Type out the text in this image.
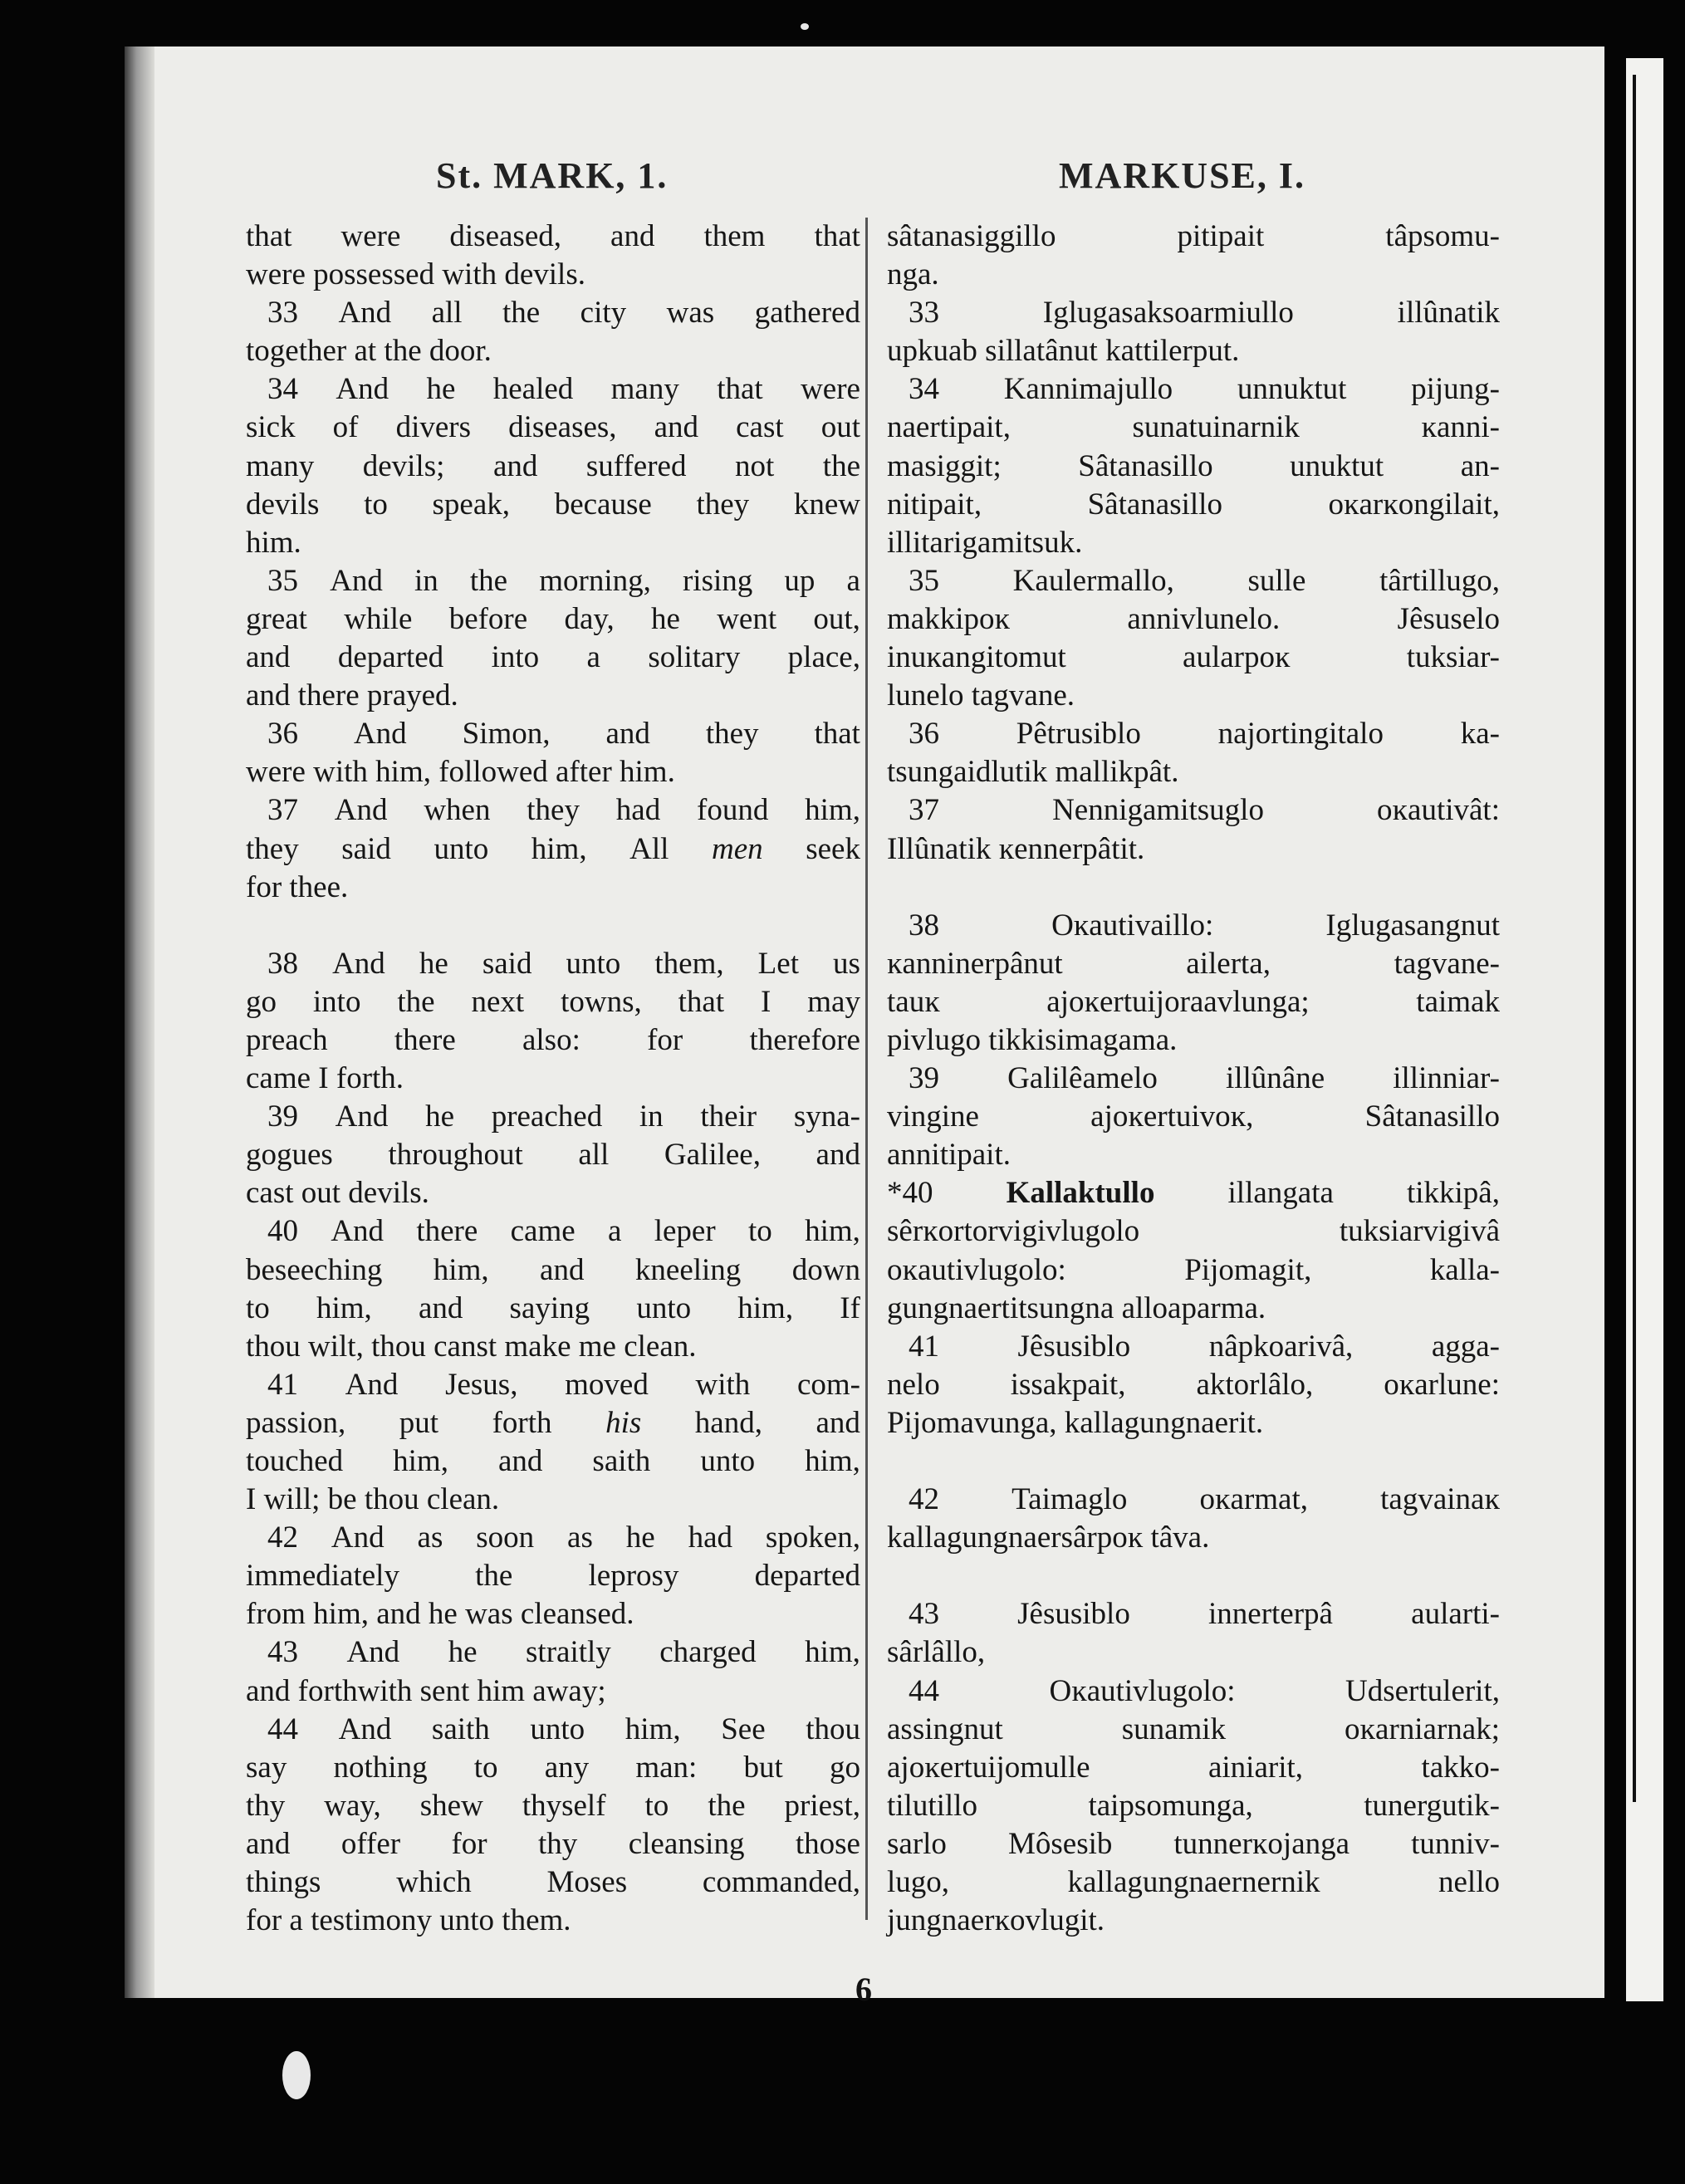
St. MARK, 1.	MARKUSE, I.
that were diseased, and them that
were possessed with devils.
33 And all the city was gathered
together at the door.
34 And he healed many that were
sick of divers diseases, and cast out
many devils; and suffered not the
devils to speak, because they knew
him.
35 And in the morning, rising up a
great while before day, he went out,
and departed into a solitary place,
and there prayed.
36 And Simon, and they that
were with him, followed after him.
37 And when they had found him,
they said unto him, All men seek
for thee.
38 And he said unto them, Let us
go into the next towns, that I may
preach there also: for therefore
came I forth.
39 And he preached in their syna-
gogues throughout all Galilee, and
cast out devils.
40 And there came a leper to him,
beseeching him, and kneeling down
to him, and saying unto him, If
thou wilt, thou canst make me clean.
41 And Jesus, moved with com-
passion, put forth his hand, and
touched him, and saith unto him,
I will; be thou clean.
42 And as soon as he had spoken,
immediately the leprosy departed
from him, and he was cleansed.
43 And he straitly charged him,
and forthwith sent him away;
44 And saith unto him, See thou
say nothing to any man: but go
thy way, shew thyself to the priest,
and offer for thy cleansing those
things which Moses commanded,
for a testimony unto them.
sâtanasiggillo	pitipait	tâpsomu-
nga.
33	Iglugasaksoarmiullo	illûnatik
upkuab sillatânut kattilerput.
34 Kannimajullo unnuktut pijung-
naertipait,	sunatuinarnik	ĸanni-
masiggit;	Sâtanasillo	unuktut	an-
nitipait,	Sâtanasillo	oĸarĸongilait,
illitarigamitsuk.
35 Kaulermallo, sulle târtillugo,
makkipoĸ	annivlunelo.	Jêsuselo
inuĸangitomut	aularpoĸ	tuksiar-
lunelo tagvane.
36	Pêtrusiblo	najortingitalo	ka-
tsungaidlutik mallikpât.
37	Nennigamitsuglo	oĸautivât:
Illûnatik ĸennerpâtit.
38	Oĸautivaillo:	Iglugasangnut
ĸanninerpânut	ailerta,	tagvane-
tauĸ	ajoĸertuijoraavlunga;	taimak
pivlugo tikkisimagama.
39 Galilêamelo illûnâne illinniar-
vingine	ajoĸertuivoĸ,	Sâtanasillo
annitipait.
*40 Kallaktullo illangata tikkipâ,
sêrĸortorvigivlugolo	tuksiarvigivâ
oĸautivlugolo:	Pijomagit,	kalla-
gungnaertitsungna alloaparma.
41	Jêsusiblo	nâpkoarivâ,	agga-
nelo issakpait, aktorlâlo, oĸarlune:
Pijomavunga, kallagungnaerit.
42 Taimaglo oĸarmat, tagvainaĸ
kallagungnaersârpoĸ tâva.
43	Jêsusiblo	innerterpâ	aularti-
sârlâllo,
44	Oĸautivlugolo:	Udsertulerit,
assingnut	sunamik	oĸarniarnak;
ajoĸertuijomulle	ainiarit,	takko-
tilutillo	taipsomunga,	tunergutik-
sarlo Môsesib tunnerĸojanga tunniv-
lugo,	kallagungnaernernik	nello
jungnaerĸovlugit.
6
